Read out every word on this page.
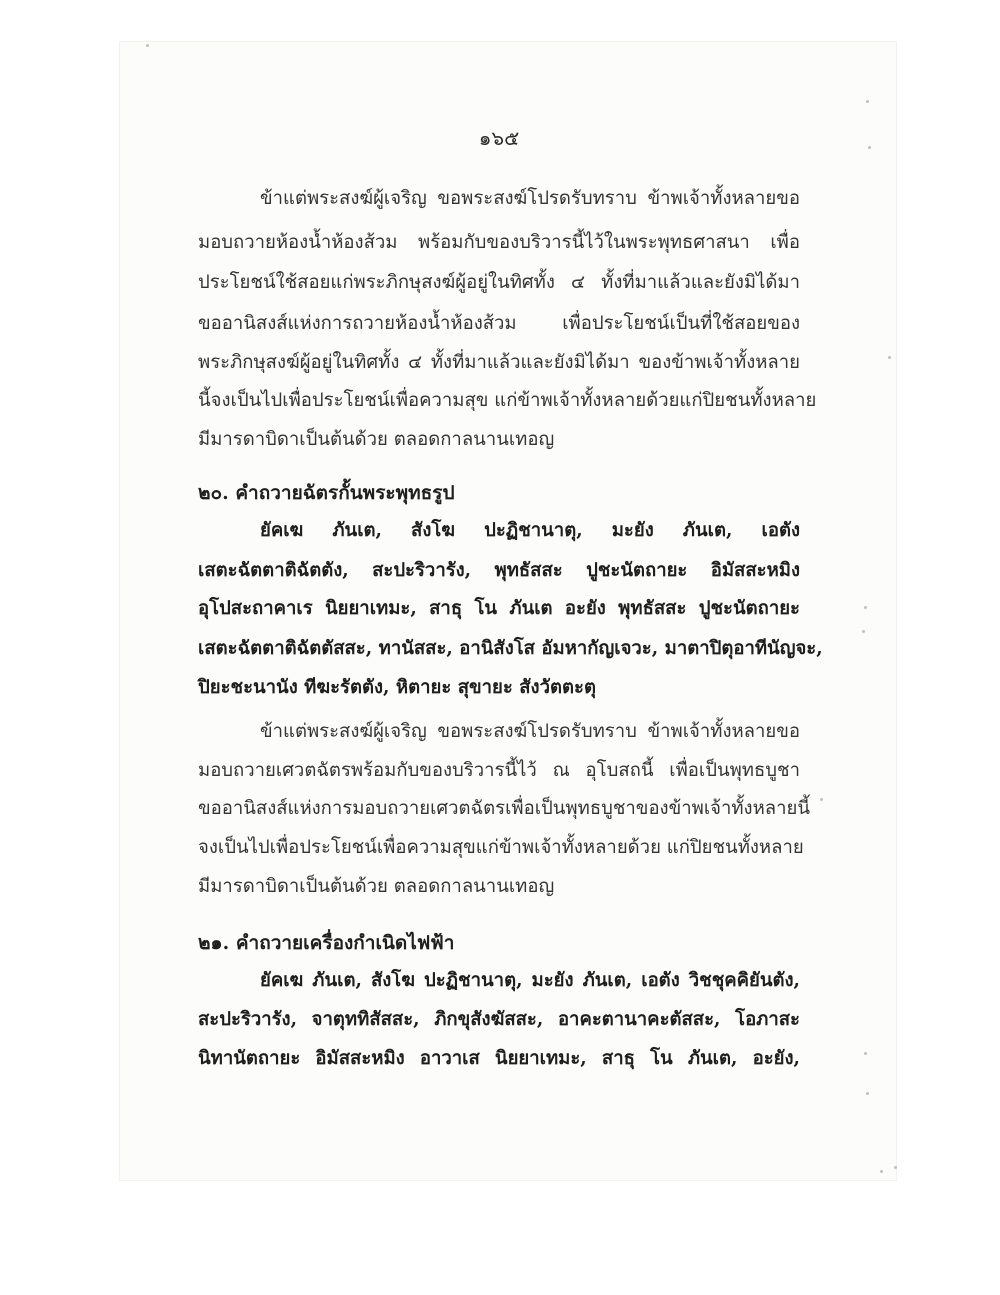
๑๖๕
ข้าแต่พระสงฆ์ผู้เจริญ ขอพระสงฆ์โปรดรับทราบ ข้าพเจ้าทั้งหลายขอ
มอบถวายห้องน้ำห้องส้วม พร้อมกับของบริวารนี้ไว้ในพระพุทธศาสนา เพื่อ
ประโยชน์ใช้สอยแก่พระภิกษุสงฆ์ผู้อยู่ในทิศทั้ง ๔ ทั้งที่มาแล้วและยังมิได้มา
ขออานิสงส์แห่งการถวายห้องน้ำห้องส้วม เพื่อประโยชน์เป็นที่ใช้สอยของ
พระภิกษุสงฆ์ผู้อยู่ในทิศทั้ง ๔ ทั้งที่มาแล้วและยังมิได้มา ของข้าพเจ้าทั้งหลาย
นี้จงเป็นไปเพื่อประโยชน์เพื่อความสุข แก่ข้าพเจ้าทั้งหลายด้วยแก่ปิยชนทั้งหลาย
มีมารดาบิดาเป็นต้นด้วย ตลอดกาลนานเทอญ
๒๐. คำถวายฉัตรกั้นพระพุทธรูป
ยัคเฆ ภันเต, สังโฆ ปะฏิชานาตุ, มะยัง ภันเต, เอตัง
เสตะฉัตตาติฉัตตัง, สะปะริวารัง, พุทธัสสะ ปูชะนัตถายะ อิมัสสะหมิง
อุโปสะถาคาเร นิยยาเทมะ, สาธุ โน ภันเต อะยัง พุทธัสสะ ปูชะนัตถายะ
เสตะฉัตตาติฉัตตัสสะ, ทานัสสะ, อานิสังโส อัมหากัญเจวะ, มาตาปิตุอาทีนัญจะ,
ปิยะชะนานัง ทีฆะรัตตัง, หิตายะ สุขายะ สังวัตตะตุ
ข้าแต่พระสงฆ์ผู้เจริญ ขอพระสงฆ์โปรดรับทราบ ข้าพเจ้าทั้งหลายขอ
มอบถวายเศวตฉัตรพร้อมกับของบริวารนี้ไว้ ณ อุโบสถนี้ เพื่อเป็นพุทธบูชา
ขออานิสงส์แห่งการมอบถวายเศวตฉัตรเพื่อเป็นพุทธบูชาของข้าพเจ้าทั้งหลายนี้
จงเป็นไปเพื่อประโยชน์เพื่อความสุขแก่ข้าพเจ้าทั้งหลายด้วย แก่ปิยชนทั้งหลาย
มีมารดาบิดาเป็นต้นด้วย ตลอดกาลนานเทอญ
๒๑. คำถวายเครื่องกำเนิดไฟฟ้า
ยัคเฆ ภันเต, สังโฆ ปะฏิชานาตุ, มะยัง ภันเต, เอตัง วิชชุคคิยันตัง,
สะปะริวารัง, จาตุททิสัสสะ, ภิกขุสังฆัสสะ, อาคะตานาคะตัสสะ, โอภาสะ
นิทานัตถายะ อิมัสสะหมิง อาวาเส นิยยาเทมะ, สาธุ โน ภันเต, อะยัง,
